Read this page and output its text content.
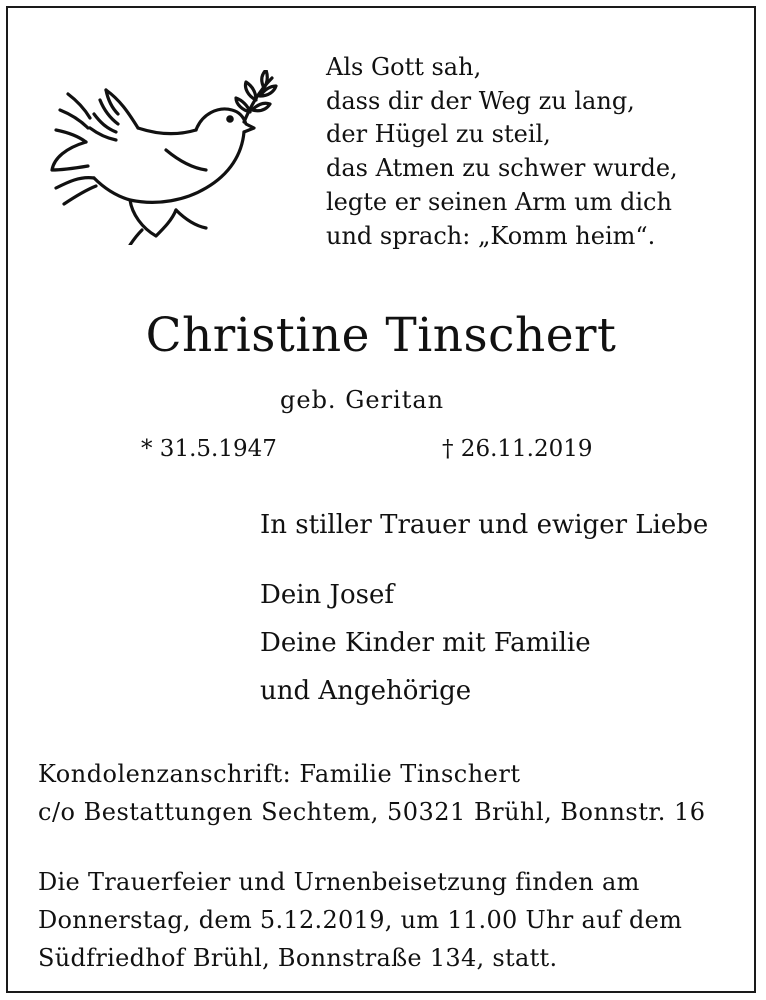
Als Gott sah,
dass dir der Weg zu lang,
der Hügel zu steil,
das Atmen zu schwer wurde,
legte er seinen Arm um dich
und sprach: „Komm heim“.
Christine Tinschert
geb. Geritan
* 31.5.1947	† 26.11.2019
In stiller Trauer und ewiger Liebe
Dein Josef
Deine Kinder mit Familie
und Angehörige
Kondolenzanschrift: Familie Tinschert
c/o Bestattungen Sechtem, 50321 Brühl, Bonnstr. 16
Die Trauerfeier und Urnenbeisetzung finden am
Donnerstag, dem 5.12.2019, um 11.00 Uhr auf dem
Südfriedhof Brühl, Bonnstraße 134, statt.
